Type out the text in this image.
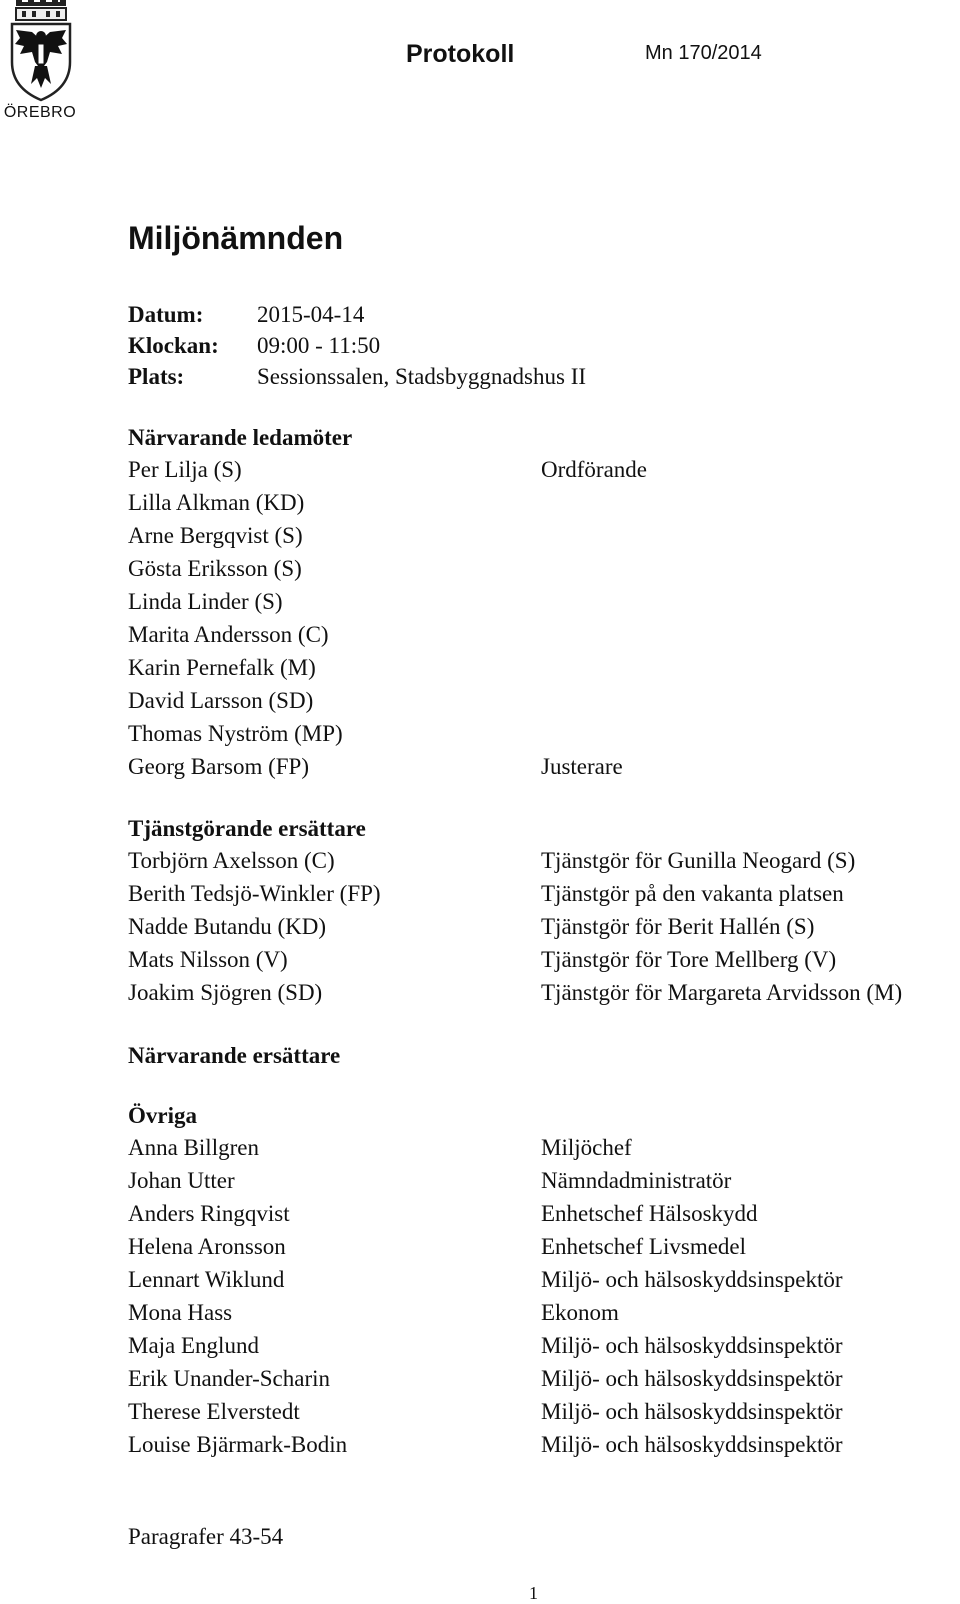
ÖREBRO
Protokoll	Mn 170/2014
Miljönämnden
Datum:	2015-04-14
Klockan:	09:00 - 11:50
Plats:	Sessionssalen, Stadsbyggnadshus II
Närvarande ledamöter
Per Lilja (S)	Ordförande
Lilla Alkman (KD)
Arne Bergqvist (S)
Gösta Eriksson (S)
Linda Linder (S)
Marita Andersson (C)
Karin Pernefalk (M)
David Larsson (SD)
Thomas Nyström (MP)
Georg Barsom (FP)	Justerare
Tjänstgörande ersättare
Torbjörn Axelsson (C)	Tjänstgör för Gunilla Neogard (S)
Berith Tedsjö-Winkler (FP)	Tjänstgör på den vakanta platsen
Nadde Butandu (KD)	Tjänstgör för Berit Hallén (S)
Mats Nilsson (V)	Tjänstgör för Tore Mellberg (V)
Joakim Sjögren (SD)	Tjänstgör för Margareta Arvidsson (M)
Närvarande ersättare
Övriga
Anna Billgren	Miljöchef
Johan Utter	Nämndadministratör
Anders Ringqvist	Enhetschef Hälsoskydd
Helena Aronsson	Enhetschef Livsmedel
Lennart Wiklund	Miljö- och hälsoskyddsinspektör
Mona Hass	Ekonom
Maja Englund	Miljö- och hälsoskyddsinspektör
Erik Unander-Scharin	Miljö- och hälsoskyddsinspektör
Therese Elverstedt	Miljö- och hälsoskyddsinspektör
Louise Bjärmark-Bodin	Miljö- och hälsoskyddsinspektör
Paragrafer 43-54
1
